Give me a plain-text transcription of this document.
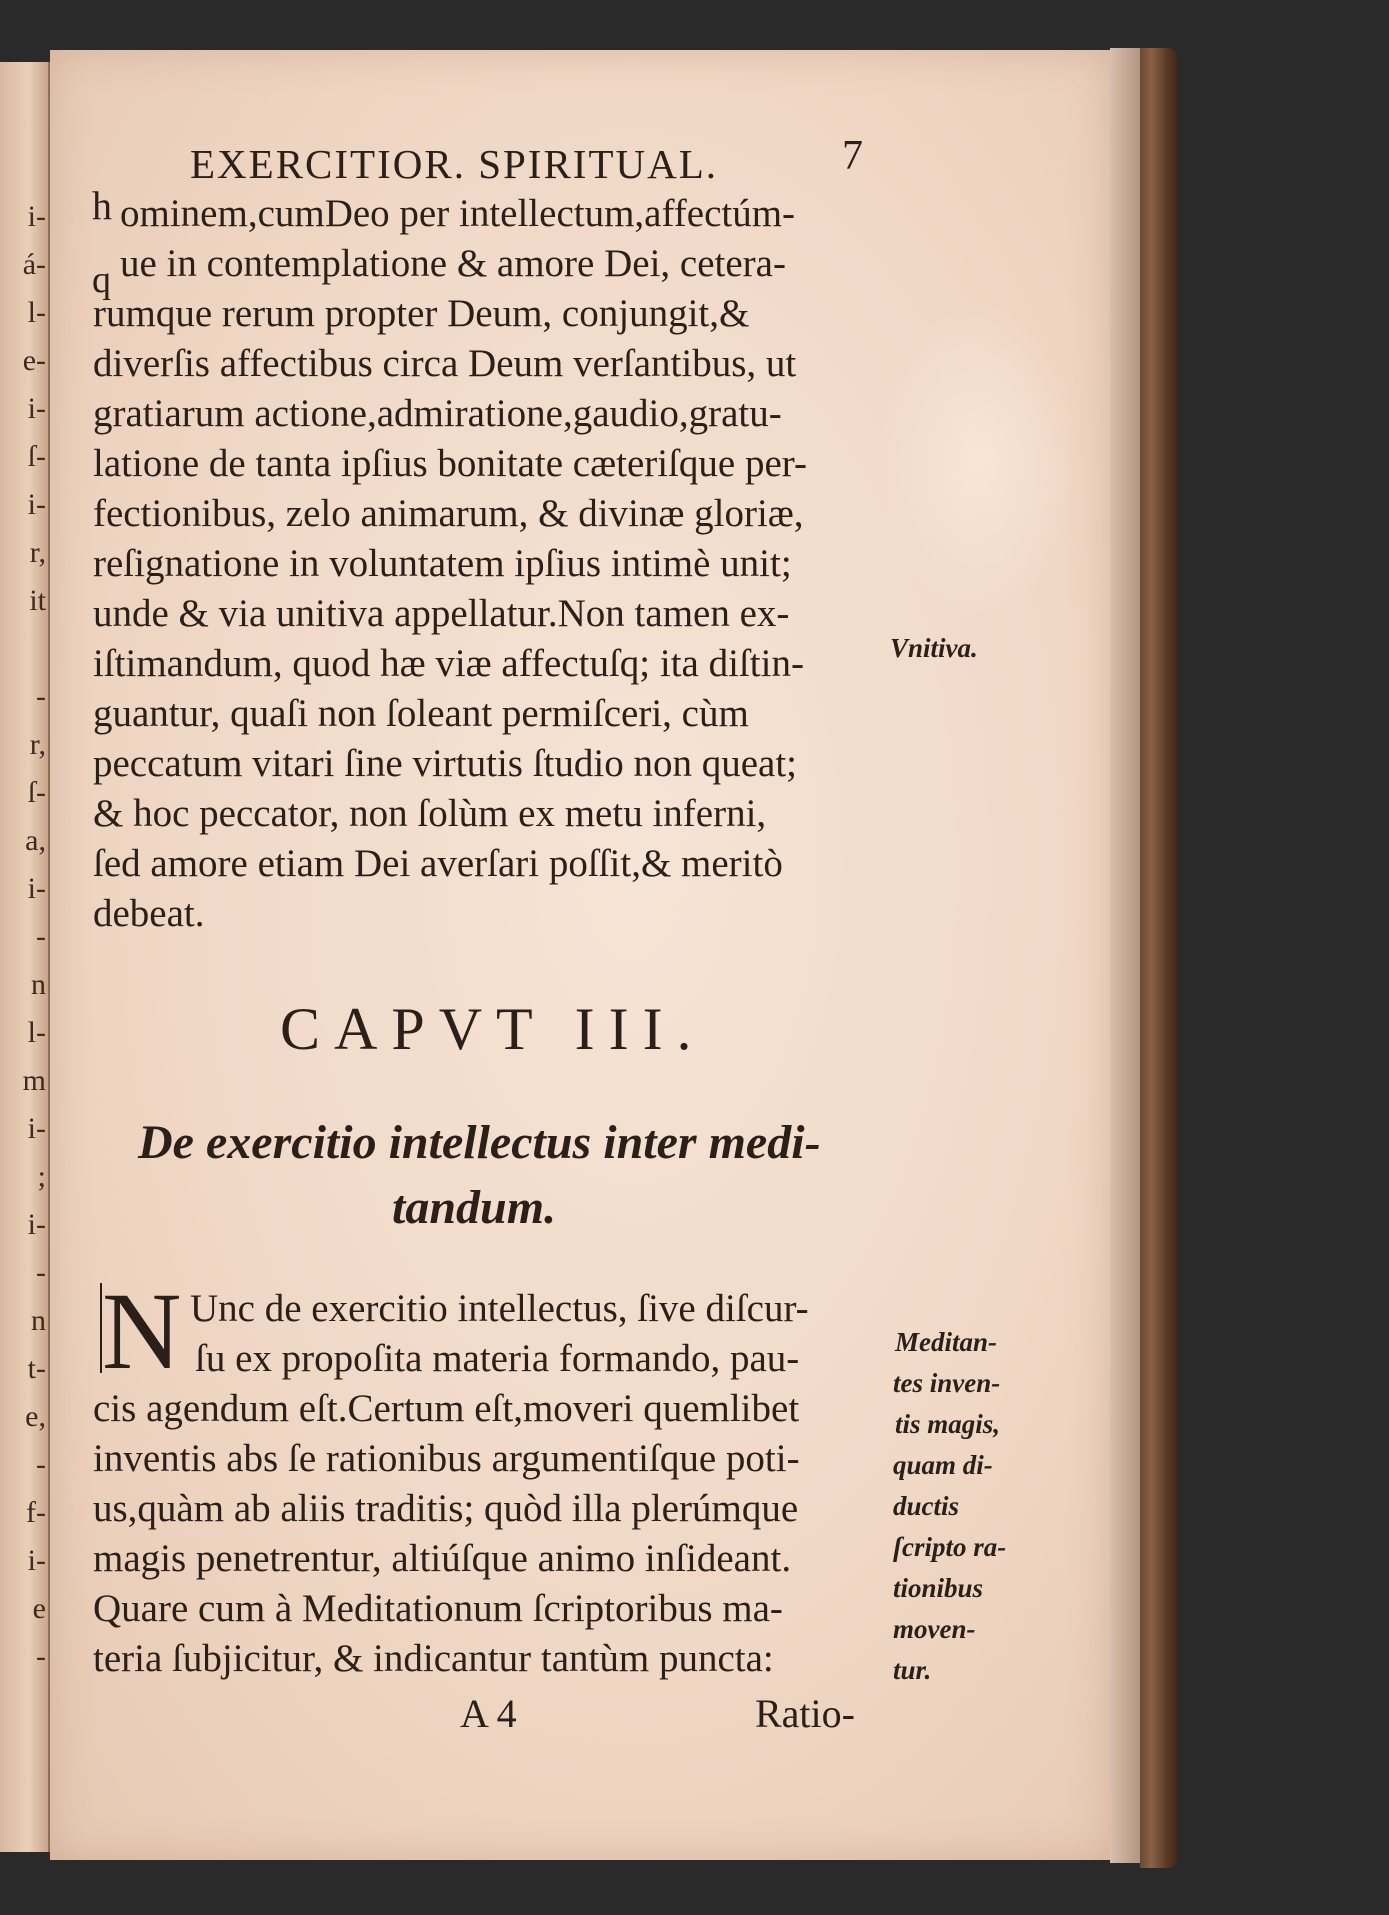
i-
á-
l-
e-
i-
ſ-
i-
r,
it
-
r,
ſ-
a,
i-
-
n
l-
m
i-
;
i-
-
n
t-
e,
-
f-
i-
e
-
EXERCITIOR. SPIRITUAL.	7
h
q
ominem,cumDeo per intellectum,affectúm-
ue in contemplatione & amore Dei, cetera-
rumque rerum propter Deum, conjungit,&
diverſis affectibus circa Deum verſantibus, ut
gratiarum actione,admiratione,gaudio,gratu-
latione de tanta ipſius bonitate cæteriſque per-
fectionibus, zelo animarum, & divinæ gloriæ,
reſignatione in voluntatem ipſius intimè unit;
unde & via unitiva appellatur.Non tamen ex-
iſtimandum, quod hæ viæ affectuſq; ita diſtin-
guantur, quaſi non ſoleant permiſceri, cùm
peccatum vitari ſine virtutis ſtudio non queat;
& hoc peccator, non ſolùm ex metu inferni,
ſed amore etiam Dei averſari poſſit,& meritò
debeat.
Vnitiva.
CAPVT III.
De exercitio intellectus inter medi-
tandum.
N Unc de exercitio intellectus, ſive diſcur-
ſu ex propoſita materia formando, pau-
cis agendum eſt.Certum eſt,moveri quemlibet
inventis abs ſe rationibus argumentiſque poti-
us,quàm ab aliis traditis; quòd illa plerúmque
magis penetrentur, altiúſque animo inſideant.
Quare cum à Meditationum ſcriptoribus ma-
teria ſubjicitur, & indicantur tantùm puncta:
Meditan-
tes inven-
tis magis,
quam di-
ductis
ſcripto ra-
tionibus
moven-
tur.
A 4	Ratio-
